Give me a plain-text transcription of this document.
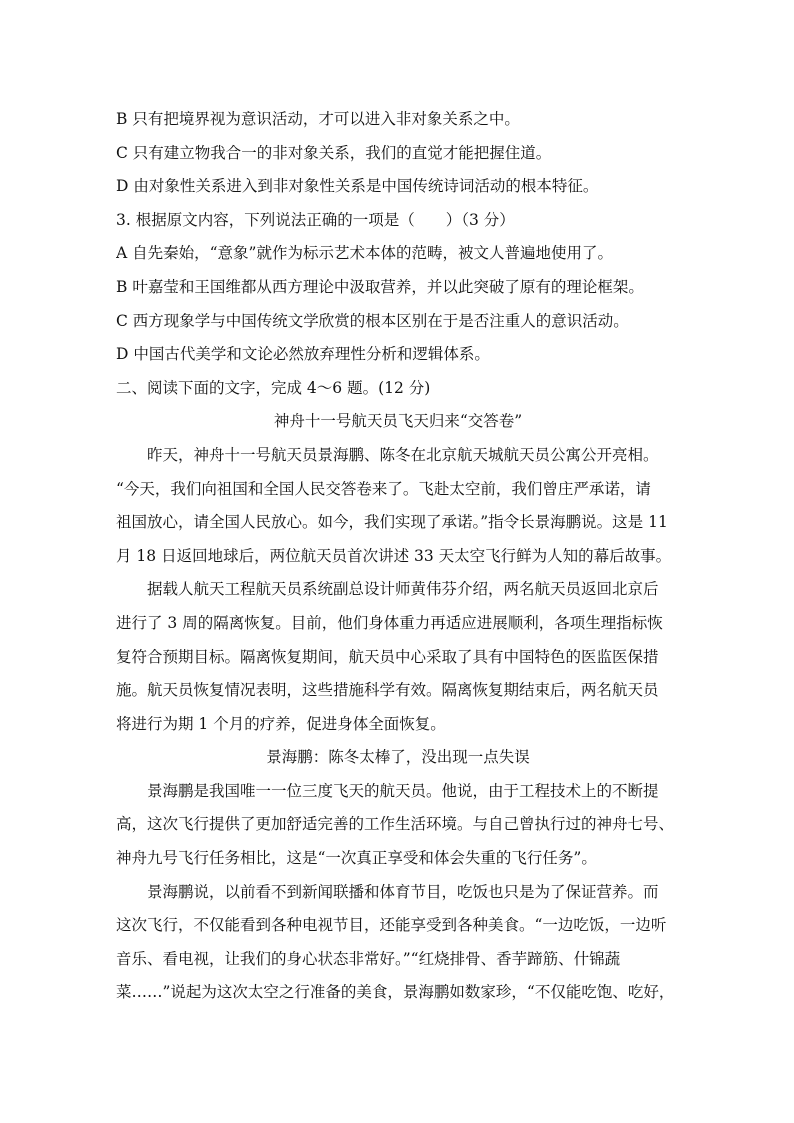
B 只有把境界视为意识活动，才可以进入非对象关系之中。
C 只有建立物我合一的非对象关系，我们的直觉才能把握住道。
D 由对象性关系进入到非对象性关系是中国传统诗词活动的根本特征。
3. 根据原文内容，下列说法正确的一项是（　　）（3 分）
A 自先秦始，“意象”就作为标示艺术本体的范畴，被文人普遍地使用了。
B 叶嘉莹和王国维都从西方理论中汲取营养，并以此突破了原有的理论框架。
C 西方现象学与中国传统文学欣赏的根本区别在于是否注重人的意识活动。
D 中国古代美学和文论必然放弃理性分析和逻辑体系。
二、阅读下面的文字，完成 4～6 题。(12 分)
神舟十一号航天员飞天归来“交答卷”
昨天，神舟十一号航天员景海鹏、陈冬在北京航天城航天员公寓公开亮相。
“今天，我们向祖国和全国人民交答卷来了。飞赴太空前，我们曾庄严承诺，请
祖国放心，请全国人民放心。如今，我们实现了承诺。”指令长景海鹏说。这是 11
月 18 日返回地球后，两位航天员首次讲述 33 天太空飞行鲜为人知的幕后故事。
据载人航天工程航天员系统副总设计师黄伟芬介绍，两名航天员返回北京后
进行了 3 周的隔离恢复。目前，他们身体重力再适应进展顺利，各项生理指标恢
复符合预期目标。隔离恢复期间，航天员中心采取了具有中国特色的医监医保措
施。航天员恢复情况表明，这些措施科学有效。隔离恢复期结束后，两名航天员
将进行为期 1 个月的疗养，促进身体全面恢复。
景海鹏：陈冬太棒了，没出现一点失误
景海鹏是我国唯一一位三度飞天的航天员。他说，由于工程技术上的不断提
高，这次飞行提供了更加舒适完善的工作生活环境。与自己曾执行过的神舟七号、
神舟九号飞行任务相比，这是“一次真正享受和体会失重的飞行任务”。
景海鹏说，以前看不到新闻联播和体育节目，吃饭也只是为了保证营养。而
这次飞行，不仅能看到各种电视节目，还能享受到各种美食。“一边吃饭，一边听
音乐、看电视，让我们的身心状态非常好。”“红烧排骨、香芋蹄筋、什锦蔬
菜……”说起为这次太空之行准备的美食，景海鹏如数家珍，“不仅能吃饱、吃好，
